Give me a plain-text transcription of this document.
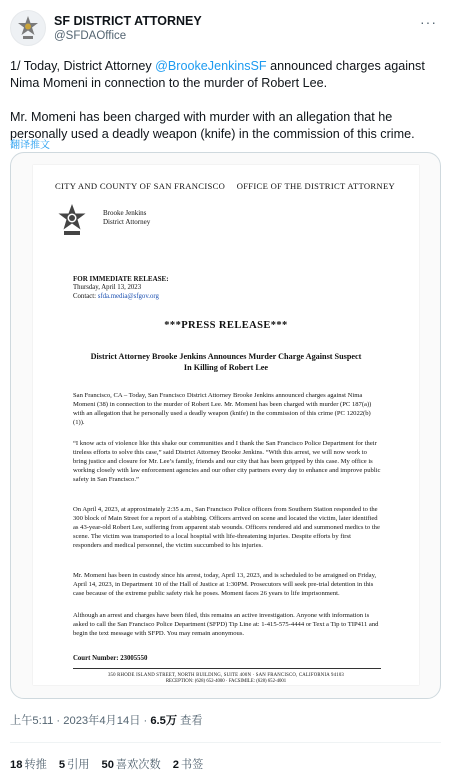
SF DISTRICT ATTORNEY
@SFDAOffice
···

1/ Today, District Attorney @BrookeJenkinsSF announced charges against Nima Momeni in connection to the murder of Robert Lee.

Mr. Momeni has been charged with murder with an allegation that he personally used a deadly weapon (knife) in the commission of this crime.

翻译推文
CITY AND COUNTY OF SAN FRANCISCO OFFICE OF THE DISTRICT ATTORNEY
Brooke Jenkins
District Attorney
FOR IMMEDIATE RELEASE:
Thursday, April 13, 2023
Contact: sfda.media@sfgov.org
***PRESS RELEASE***
District Attorney Brooke Jenkins Announces Murder Charge Against Suspect
In Killing of Robert Lee
San Francisco, CA – Today, San Francisco District Attorney Brooke Jenkins announced charges against Nima Momeni (38) in connection to the murder of Robert Lee. Mr. Momeni has been charged with murder (PC 187(a)) with an allegation that he personally used a deadly weapon (knife) in the commission of this crime (PC 12022(b)(1)).
“I know acts of violence like this shake our communities and I thank the San Francisco Police Department for their tireless efforts to solve this case,” said District Attorney Brooke Jenkins. “With this arrest, we will now work to bring justice and closure for Mr. Lee’s family, friends and our city that has been gripped by this case. My office is working closely with law enforcement agencies and our other city partners every day to enhance and improve public safety in San Francisco.”
On April 4, 2023, at approximately 2:35 a.m., San Francisco Police officers from Southern Station responded to the 300 block of Main Street for a report of a stabbing. Officers arrived on scene and located the victim, later identified as 43-year-old Robert Lee, suffering from apparent stab wounds. Officers rendered aid and summoned medics to the scene. The victim was transported to a local hospital with life-threatening injuries. Despite efforts by first responders and medical personnel, the victim succumbed to his injuries.
Mr. Momeni has been in custody since his arrest, today, April 13, 2023, and is scheduled to be arraigned on Friday, April 14, 2023, in Department 10 of the Hall of Justice at 1:30PM. Prosecutors will seek pre-trial detention in this case because of the extreme public safety risk he poses. Momeni faces 26 years to life imprisonment.
Although an arrest and charges have been filed, this remains an active investigation. Anyone with information is asked to call the San Francisco Police Department (SFPD) Tip Line at: 1-415-575-4444 or Text a Tip to TIP411 and begin the text message with SFPD. You may remain anonymous.
Court Number: 23005550
350 RHODE ISLAND STREET, NORTH BUILDING, SUITE 400N · SAN FRANCISCO, CALIFORNIA 94103
RECEPTION: (628) 652-4000 · FACSIMILE: (628) 652-4001
上午5:11 · 2023年4月14日 · 6.5万 查看
18 转推 5 引用 50 喜欢次数 2 书签
